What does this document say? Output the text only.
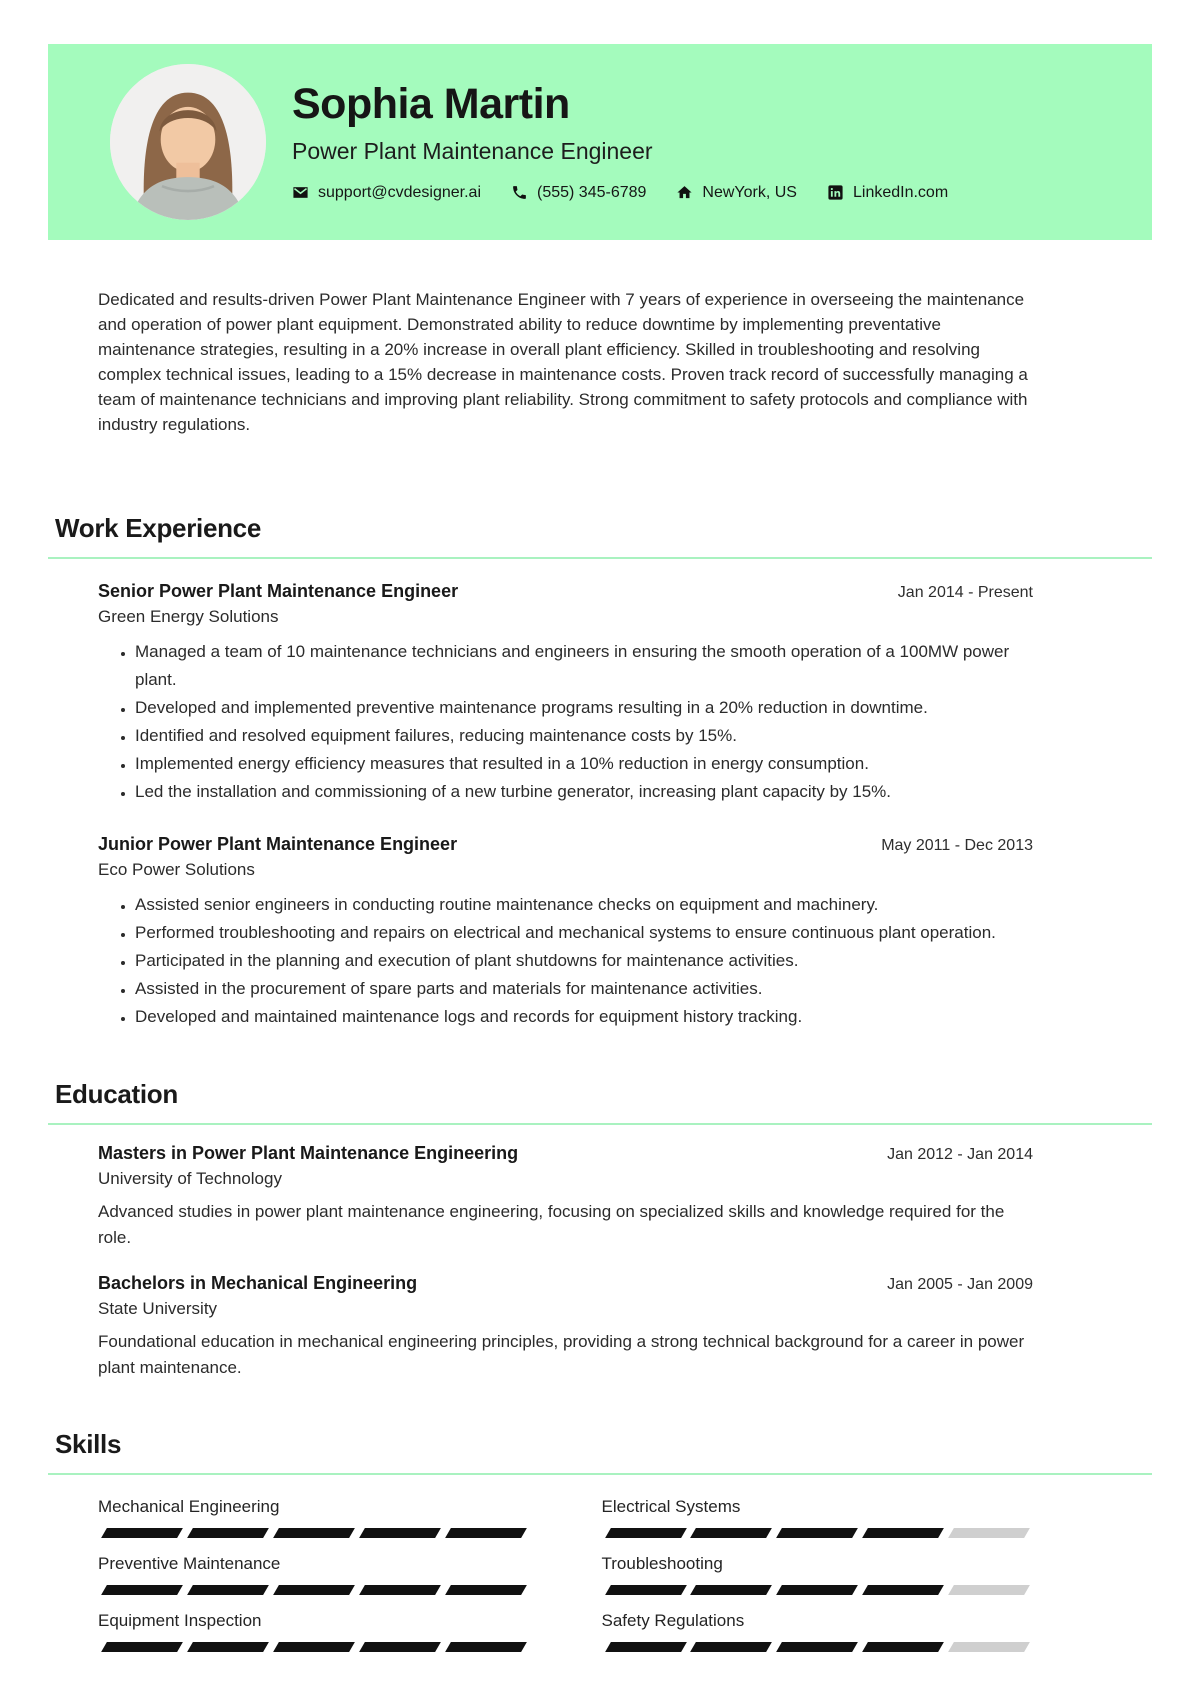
Sophia Martin
Power Plant Maintenance Engineer
support@cvdesigner.ai	(555) 345-6789	NewYork, US	LinkedIn.com

Dedicated and results-driven Power Plant Maintenance Engineer with 7 years of experience in overseeing the maintenance and operation of power plant equipment. Demonstrated ability to reduce downtime by implementing preventative maintenance strategies, resulting in a 20% increase in overall plant efficiency. Skilled in troubleshooting and resolving complex technical issues, leading to a 15% decrease in maintenance costs. Proven track record of successfully managing a team of maintenance technicians and improving plant reliability. Strong commitment to safety protocols and compliance with industry regulations.

Work Experience
Senior Power Plant Maintenance Engineer	Jan 2014 - Present
Green Energy Solutions
• Managed a team of 10 maintenance technicians and engineers in ensuring the smooth operation of a 100MW power plant.
• Developed and implemented preventive maintenance programs resulting in a 20% reduction in downtime.
• Identified and resolved equipment failures, reducing maintenance costs by 15%.
• Implemented energy efficiency measures that resulted in a 10% reduction in energy consumption.
• Led the installation and commissioning of a new turbine generator, increasing plant capacity by 15%.
Junior Power Plant Maintenance Engineer	May 2011 - Dec 2013
Eco Power Solutions
• Assisted senior engineers in conducting routine maintenance checks on equipment and machinery.
• Performed troubleshooting and repairs on electrical and mechanical systems to ensure continuous plant operation.
• Participated in the planning and execution of plant shutdowns for maintenance activities.
• Assisted in the procurement of spare parts and materials for maintenance activities.
• Developed and maintained maintenance logs and records for equipment history tracking.
Education
Masters in Power Plant Maintenance Engineering	Jan 2012 - Jan 2014
University of Technology

Advanced studies in power plant maintenance engineering, focusing on specialized skills and knowledge required for the role.

Bachelors in Mechanical Engineering	Jan 2005 - Jan 2009
State University

Foundational education in mechanical engineering principles, providing a strong technical background for a career in power plant maintenance.

Skills
Mechanical Engineering	Electrical Systems
Preventive Maintenance	Troubleshooting
Equipment Inspection	Safety Regulations
